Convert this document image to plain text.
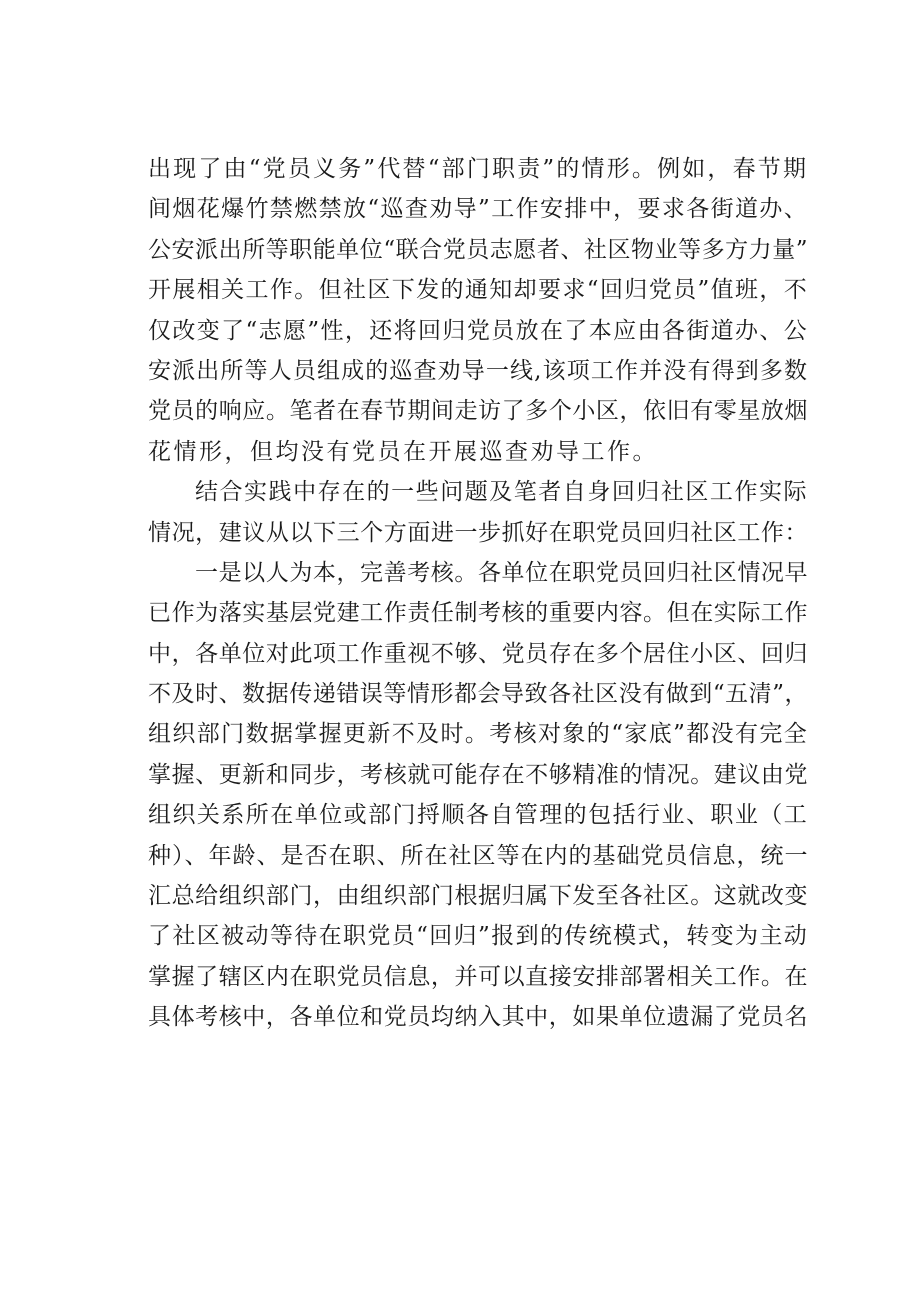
出现了由“党员义务”代替“部门职责”的情形。例如，春节期
间烟花爆竹禁燃禁放“巡查劝导”工作安排中，要求各街道办、
公安派出所等职能单位“联合党员志愿者、社区物业等多方力量”
开展相关工作。但社区下发的通知却要求“回归党员”值班，不
仅改变了“志愿”性，还将回归党员放在了本应由各街道办、公
安派出所等人员组成的巡查劝导一线,该项工作并没有得到多数
党员的响应。笔者在春节期间走访了多个小区，依旧有零星放烟
花情形，但均没有党员在开展巡查劝导工作。
结合实践中存在的一些问题及笔者自身回归社区工作实际
情况，建议从以下三个方面进一步抓好在职党员回归社区工作：
一是以人为本，完善考核。各单位在职党员回归社区情况早
已作为落实基层党建工作责任制考核的重要内容。但在实际工作
中，各单位对此项工作重视不够、党员存在多个居住小区、回归
不及时、数据传递错误等情形都会导致各社区没有做到“五清”，
组织部门数据掌握更新不及时。考核对象的“家底”都没有完全
掌握、更新和同步，考核就可能存在不够精准的情况。建议由党
组织关系所在单位或部门捋顺各自管理的包括行业、职业（工
种）、年龄、是否在职、所在社区等在内的基础党员信息，统一
汇总给组织部门，由组织部门根据归属下发至各社区。这就改变
了社区被动等待在职党员“回归”报到的传统模式，转变为主动
掌握了辖区内在职党员信息，并可以直接安排部署相关工作。在
具体考核中，各单位和党员均纳入其中，如果单位遗漏了党员名
